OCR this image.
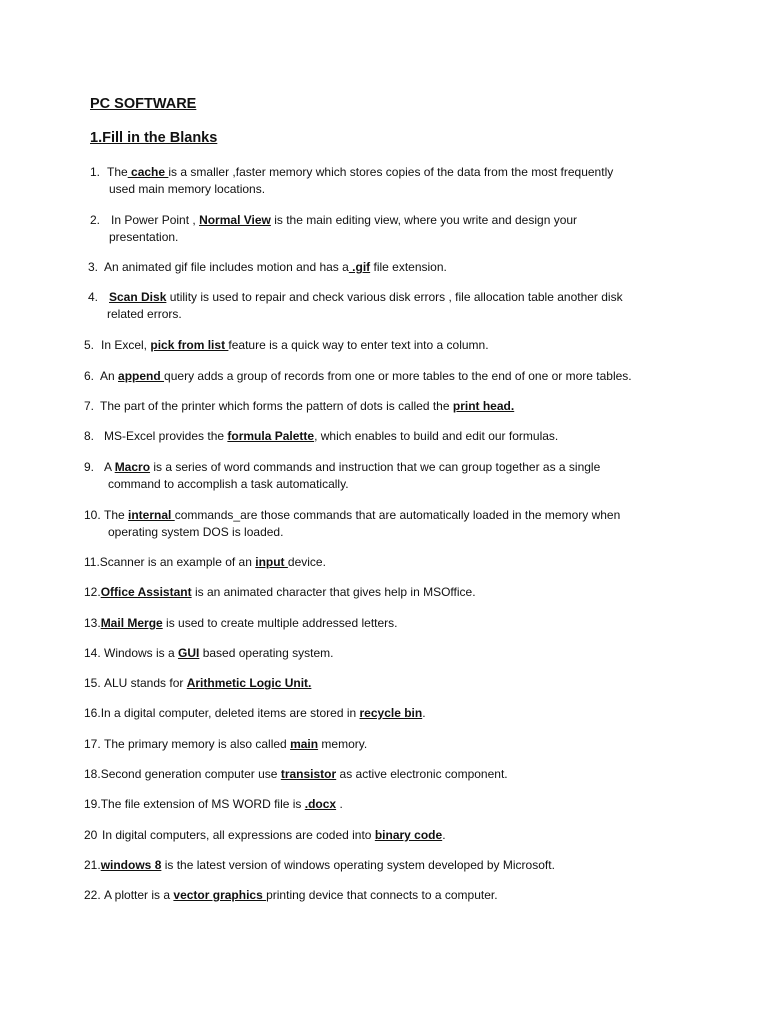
PC SOFTWARE
1.Fill in the Blanks

1. The cache is a smaller ,faster memory which stores copies of the data from the most frequently
used main memory locations.

2. In Power Point , Normal View is the main editing view, where you write and design your
presentation.

3. An animated gif file includes motion and has a .gif file extension.

4. Scan Disk utility is used to repair and check various disk errors , file allocation table another disk
related errors.

5. In Excel, pick from list feature is a quick way to enter text into a column.

6. An append query adds a group of records from one or more tables to the end of one or more tables.

7. The part of the printer which forms the pattern of dots is called the print head.

8. MS-Excel provides the formula Palette, which enables to build and edit our formulas.

9. A Macro is a series of word commands and instruction that we can group together as a single
command to accomplish a task automatically.

10. The internal commands_are those commands that are automatically loaded in the memory when
operating system DOS is loaded.

11.Scanner is an example of an input device.

12.Office Assistant is an animated character that gives help in MSOffice.

13.Mail Merge is used to create multiple addressed letters.

14. Windows is a GUI based operating system.

15. ALU stands for Arithmetic Logic Unit.

16.In a digital computer, deleted items are stored in recycle bin.

17. The primary memory is also called main memory.

18.Second generation computer use transistor as active electronic component.

19.The file extension of MS WORD file is .docx .

20 In digital computers, all expressions are coded into binary code.

21.windows 8 is the latest version of windows operating system developed by Microsoft.

22. A plotter is a vector graphics printing device that connects to a computer.
